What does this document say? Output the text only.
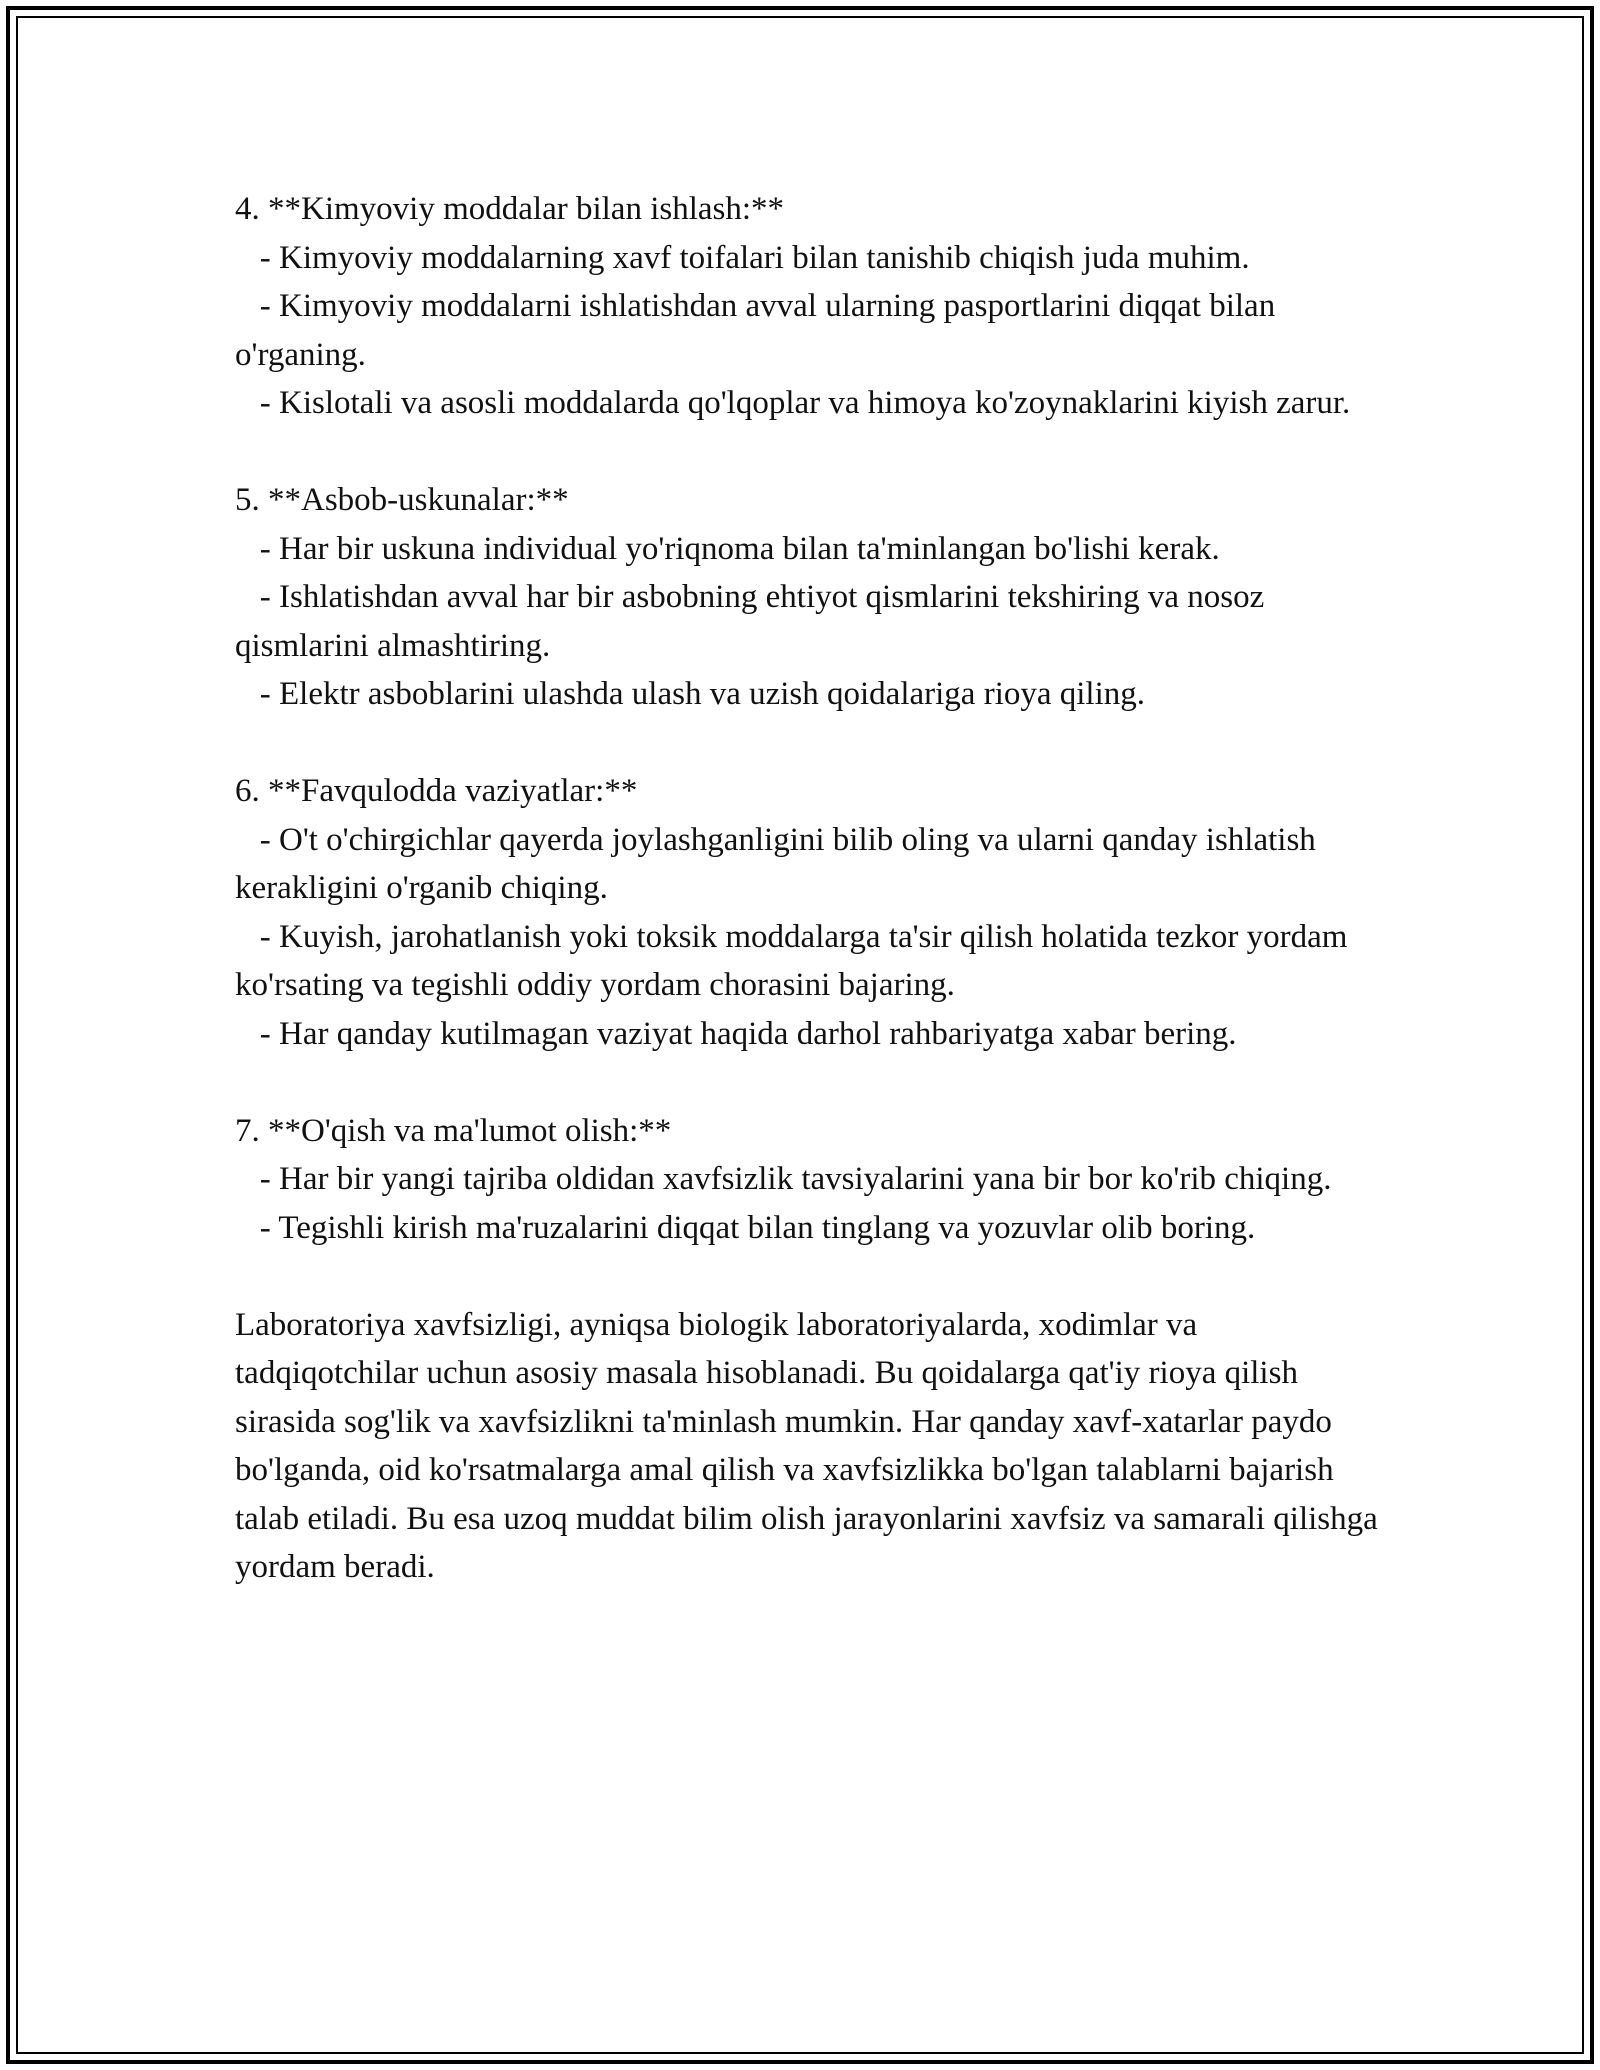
4. **Kimyoviy moddalar bilan ishlash:**

- Kimyoviy moddalarning xavf toifalari bilan tanishib chiqish juda muhim.

- Kimyoviy moddalarni ishlatishdan avval ularning pasportlarini diqqat bilan o'rganing.

- Kislotali va asosli moddalarda qo'lqoplar va himoya ko'zoynaklarini kiyish zarur.

5. **Asbob-uskunalar:**

- Har bir uskuna individual yo'riqnoma bilan ta'minlangan bo'lishi kerak.

- Ishlatishdan avval har bir asbobning ehtiyot qismlarini tekshiring va nosoz qismlarini almashtiring.

- Elektr asboblarini ulashda ulash va uzish qoidalariga rioya qiling.

6. **Favqulodda vaziyatlar:**

- O't o'chirgichlar qayerda joylashganligini bilib oling va ularni qanday ishlatish kerakligini o'rganib chiqing.

- Kuyish, jarohatlanish yoki toksik moddalarga ta'sir qilish holatida tezkor yordam ko'rsating va tegishli oddiy yordam chorasini bajaring.

- Har qanday kutilmagan vaziyat haqida darhol rahbariyatga xabar bering.

7. **O'qish va ma'lumot olish:**

- Har bir yangi tajriba oldidan xavfsizlik tavsiyalarini yana bir bor ko'rib chiqing.

- Tegishli kirish ma'ruzalarini diqqat bilan tinglang va yozuvlar olib boring.

Laboratoriya xavfsizligi, ayniqsa biologik laboratoriyalarda, xodimlar va tadqiqotchilar uchun asosiy masala hisoblanadi. Bu qoidalarga qat'iy rioya qilish sirasida sog'lik va xavfsizlikni ta'minlash mumkin. Har qanday xavf-xatarlar paydo bo'lganda, oid ko'rsatmalarga amal qilish va xavfsizlikka bo'lgan talablarni bajarish talab etiladi. Bu esa uzoq muddat bilim olish jarayonlarini xavfsiz va samarali qilishga yordam beradi.
